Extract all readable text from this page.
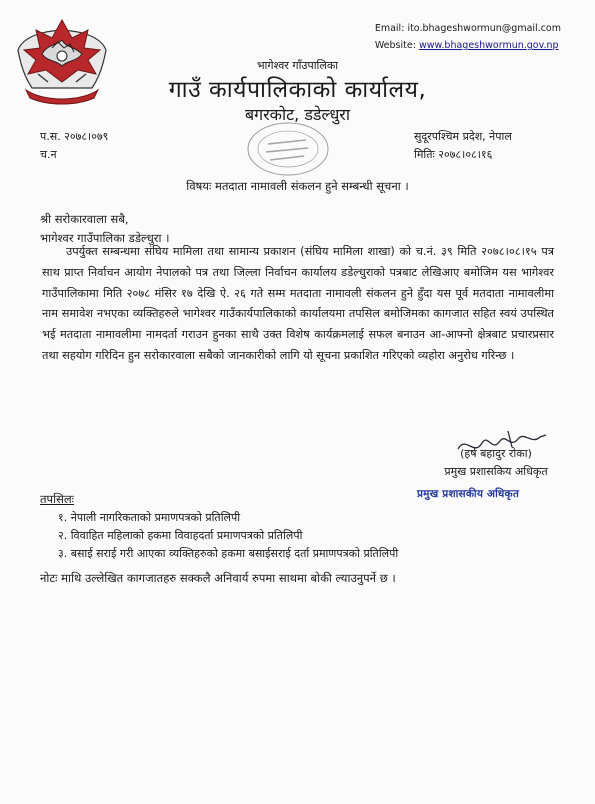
Email: ito.bhageshwormun@gmail.com
Website: www.bhageshwormun.gov.np
भागेश्वर गाँउपालिका
गाउँ कार्यपालिकाको कार्यालय,
बगरकोट, डडेल्धुरा
प.स. २०७८।०७९
च.न
सुदूरपश्चिम प्रदेश, नेपाल
मितिः २०७८।०८।१६
विषयः मतदाता नामावली संकलन हुने सम्बन्धी सूचना ।
श्री सरोकारवाला सबै,
भागेश्वर गाउँपालिका डडेल्धुरा ।
उपर्युक्त सम्बन्धमा संघिय मामिला तथा सामान्य प्रकाशन (संघिय मामिला शाखा) को च.नं. ३९ मिति २०७८।०८।१५ पत्र साथ प्राप्त निर्वाचन आयोग नेपालको पत्र तथा जिल्ला निर्वाचन कार्यालय डडेल्धुराको पत्रबाट लेखिआए बमोजिम यस भागेश्वर गाउँपालिकामा मिति २०७८ मंसिर १७ देखि ऐ. २६ गते सम्म मतदाता नामावली संकलन हुने हुँदा यस पूर्व मतदाता नामावलीमा नाम समावेश नभएका व्यक्तिहरुले भागेश्वर गाउँकार्यपालिकाको कार्यालयमा तपसिल बमोजिमका कागजात सहित स्वयं उपस्थित भई मतदाता नामावलीमा नामदर्ता गराउन हुनका साथै उक्त विशेष कार्यक्रमलाई सफल बनाउन आ-आफ्नो क्षेत्रबाट प्रचारप्रसार तथा सहयोग गरिदिन हुन सरोकारवाला सबैको जानकारीको लागि यो सूचना प्रकाशित गरिएको व्यहोरा अनुरोध गरिन्छ ।
(हर्ष बहादुर रोका)
प्रमुख प्रशासकिय अधिकृत
प्रमुख प्रशासकीय अधिकृत
तपसिलः
१. नेपाली नागरिकताको प्रमाणपत्रको प्रतिलिपी
२. विवाहित महिलाको हकमा विवाहदर्ता प्रमाणपत्रको प्रतिलिपी
३. बसाई सराई गरी आएका व्यक्तिहरुको हकमा बसाईसराई दर्ता प्रमाणपत्रको प्रतिलिपी
नोटः माथि उल्लेखित कागजातहरु सक्कलै अनिवार्य रुपमा साथमा बोकी ल्याउनुपर्ने छ ।
